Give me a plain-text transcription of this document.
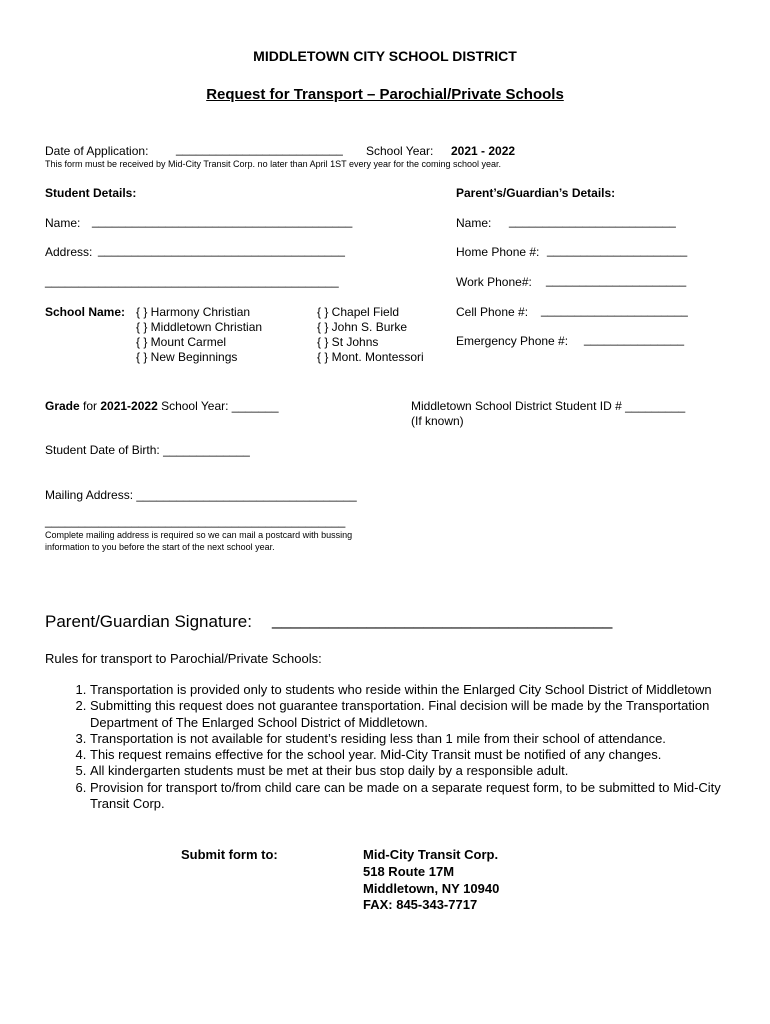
MIDDLETOWN CITY SCHOOL DISTRICT
Request for Transport – Parochial/Private Schools
Date of Application: _________________________ School Year: 2021 - 2022
This form must be received by Mid-City Transit Corp. no later than April 1ST every year for the coming school year.
Student Details:	Parent’s/Guardian’s Details:
Name: _______________________________________
Address: _____________________________________
____________________________________________
Name: _________________________
Home Phone #: _____________________
Work Phone#: _____________________
Cell Phone #: ______________________
Emergency Phone #: _______________
School Name: { } Harmony Christian
{ } Middletown Christian
{ } Mount Carmel
{ } New Beginnings
{ } Chapel Field
{ } John S. Burke
{ } St Johns
{ } Mont. Montessori
Grade for 2021-2022 School Year: _______	Middletown School District Student ID # _________
(If known)
Student Date of Birth: _____________
Mailing Address: _________________________________
_____________________________________________
Complete mailing address is required so we can mail a postcard with bussing
information to you before the start of the next school year.
Parent/Guardian Signature: ____________________________________
Rules for transport to Parochial/Private Schools:
1. Transportation is provided only to students who reside within the Enlarged City School District of Middletown
2. Submitting this request does not guarantee transportation. Final decision will be made by the Transportation Department of The Enlarged School District of Middletown.
3. Transportation is not available for student’s residing less than 1 mile from their school of attendance.
4. This request remains effective for the school year. Mid-City Transit must be notified of any changes.
5. All kindergarten students must be met at their bus stop daily by a responsible adult.
6. Provision for transport to/from child care can be made on a separate request form, to be submitted to Mid-City Transit Corp.
Submit form to:	Mid-City Transit Corp.
518 Route 17M
Middletown, NY 10940
FAX: 845-343-7717
